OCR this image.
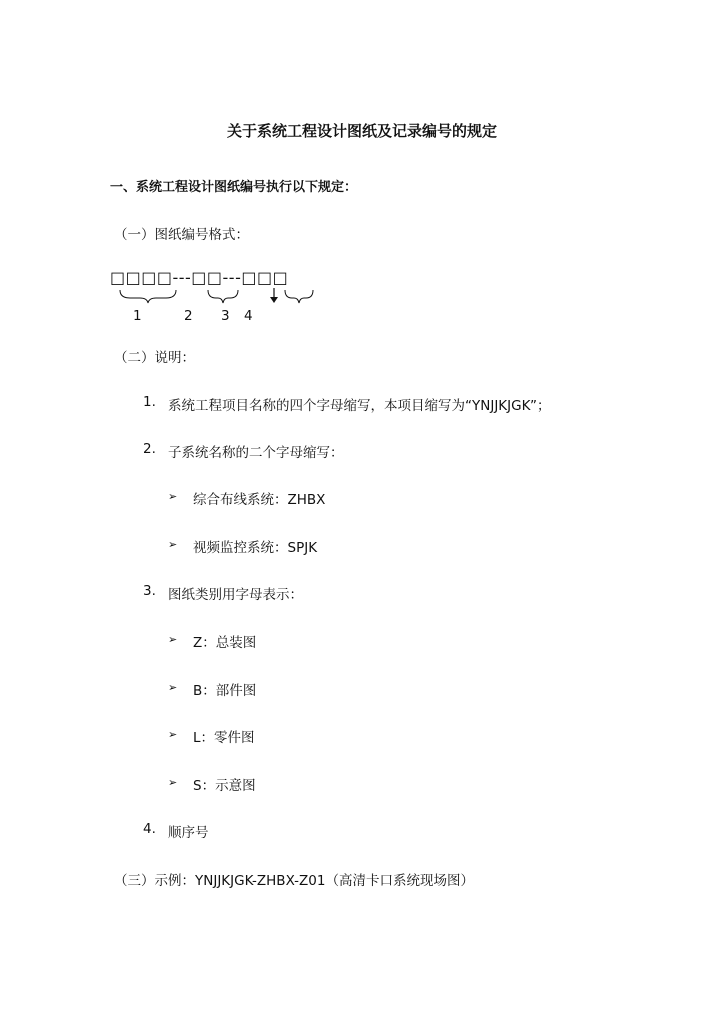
关于系统工程设计图纸及记录编号的规定
一、系统工程设计图纸编号执行以下规定：
（一）图纸编号格式：
□□□□---□□---□□□
1	2 3 4
（二）说明：
1. 系统工程项目名称的四个字母缩写，本项目缩写为“YNJJKJGK”；
2. 子系统名称的二个字母缩写：
➢ 综合布线系统：ZHBX
➢ 视频监控系统：SPJK
3. 图纸类别用字母表示：
➢ Z：总装图
➢ B：部件图
➢ L：零件图
➢ S：示意图
4. 顺序号
（三）示例：YNJJKJGK-ZHBX-Z01（高清卡口系统现场图）
